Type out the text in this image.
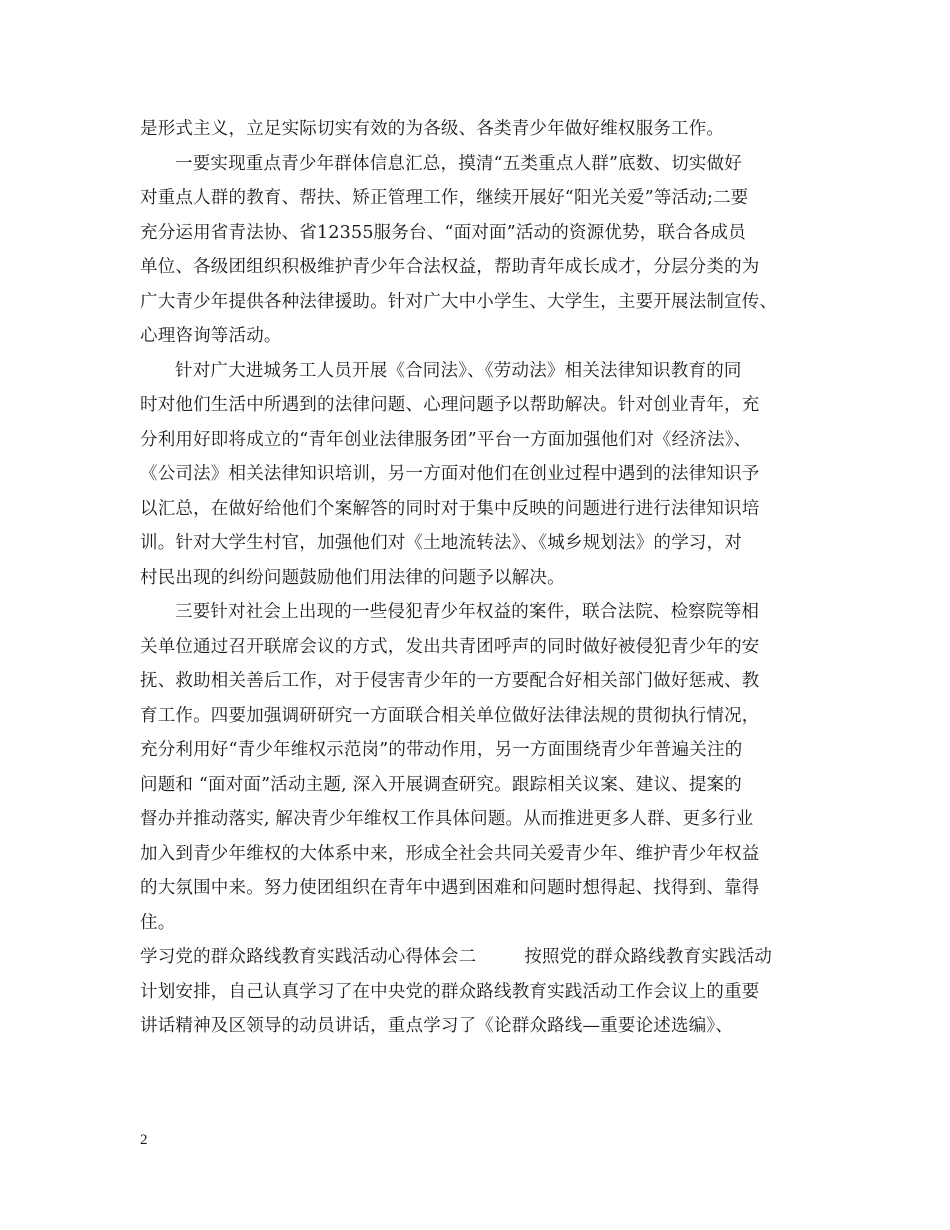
是形式主义，立足实际切实有效的为各级、各类青少年做好维权服务工作。
一要实现重点青少年群体信息汇总，摸清“五类重点人群”底数、切实做好
对重点人群的教育、帮扶、矫正管理工作，继续开展好“阳光关爱”等活动;二要
充分运用省青法协、省12355服务台、“面对面”活动的资源优势，联合各成员
单位、各级团组织积极维护青少年合法权益，帮助青年成长成才，分层分类的为
广大青少年提供各种法律援助。针对广大中小学生、大学生，主要开展法制宣传、
心理咨询等活动。
针对广大进城务工人员开展《合同法》、《劳动法》相关法律知识教育的同
时对他们生活中所遇到的法律问题、心理问题予以帮助解决。针对创业青年，充
分利用好即将成立的“青年创业法律服务团”平台一方面加强他们对《经济法》、
《公司法》相关法律知识培训，另一方面对他们在创业过程中遇到的法律知识予
以汇总，在做好给他们个案解答的同时对于集中反映的问题进行进行法律知识培
训。针对大学生村官，加强他们对《土地流转法》、《城乡规划法》的学习，对
村民出现的纠纷问题鼓励他们用法律的问题予以解决。
三要针对社会上出现的一些侵犯青少年权益的案件，联合法院、检察院等相
关单位通过召开联席会议的方式，发出共青团呼声的同时做好被侵犯青少年的安
抚、救助相关善后工作，对于侵害青少年的一方要配合好相关部门做好惩戒、教
育工作。四要加强调研研究一方面联合相关单位做好法律法规的贯彻执行情况，
充分利用好“青少年维权示范岗”的带动作用，另一方面围绕青少年普遍关注的
问题和 “面对面”活动主题, 深入开展调查研究。跟踪相关议案、建议、提案的
督办并推动落实, 解决青少年维权工作具体问题。从而推进更多人群、更多行业
加入到青少年维权的大体系中来，形成全社会共同关爱青少年、维护青少年权益
的大氛围中来。努力使团组织在青年中遇到困难和问题时想得起、找得到、靠得
住。
学习党的群众路线教育实践活动心得体会二	按照党的群众路线教育实践活动
计划安排，自己认真学习了在中央党的群众路线教育实践活动工作会议上的重要
讲话精神及区领导的动员讲话，重点学习了《论群众路线—重要论述选编》、
2
